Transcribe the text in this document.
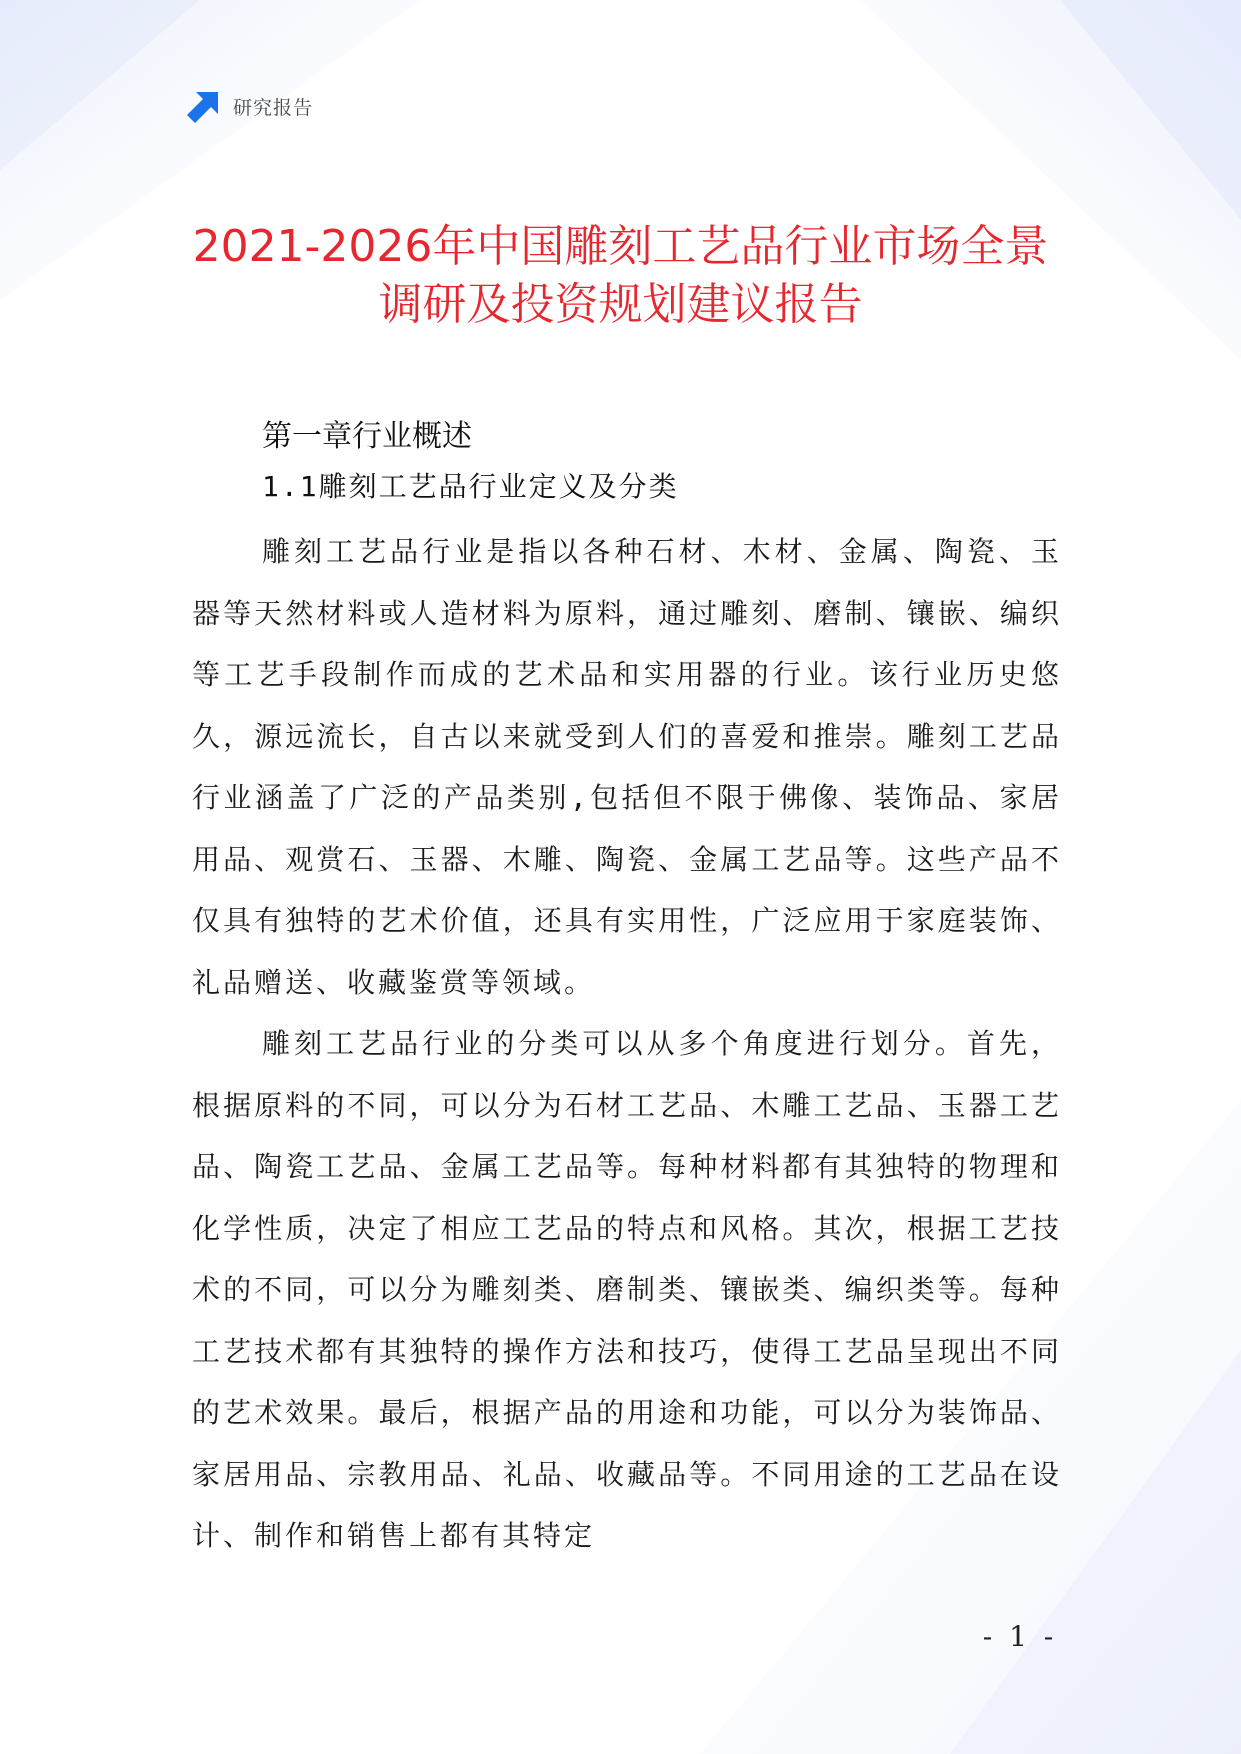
研究报告
2021-2026年中国雕刻工艺品行业市场全景
调研及投资规划建议报告
第一章行业概述
1.1雕刻工艺品行业定义及分类

雕刻工艺品行业是指以各种石材、木材、金属、陶瓷、玉器等天然材料或人造材料为原料，通过雕刻、磨制、镶嵌、编织等工艺手段制作而成的艺术品和实用器的行业。该行业历史悠久，源远流长，自古以来就受到人们的喜爱和推崇。雕刻工艺品行业涵盖了广泛的产品类别,包括但不限于佛像、装饰品、家居用品、观赏石、玉器、木雕、陶瓷、金属工艺品等。这些产品不仅具有独特的艺术价值，还具有实用性，广泛应用于家庭装饰、礼品赠送、收藏鉴赏等领域。

雕刻工艺品行业的分类可以从多个角度进行划分。首先，根据原料的不同，可以分为石材工艺品、木雕工艺品、玉器工艺品、陶瓷工艺品、金属工艺品等。每种材料都有其独特的物理和化学性质，决定了相应工艺品的特点和风格。其次，根据工艺技术的不同，可以分为雕刻类、磨制类、镶嵌类、编织类等。每种工艺技术都有其独特的操作方法和技巧，使得工艺品呈现出不同的艺术效果。最后，根据产品的用途和功能，可以分为装饰品、家居用品、宗教用品、礼品、收藏品等。不同用途的工艺品在设计、制作和销售上都有其特定

- 1 -
